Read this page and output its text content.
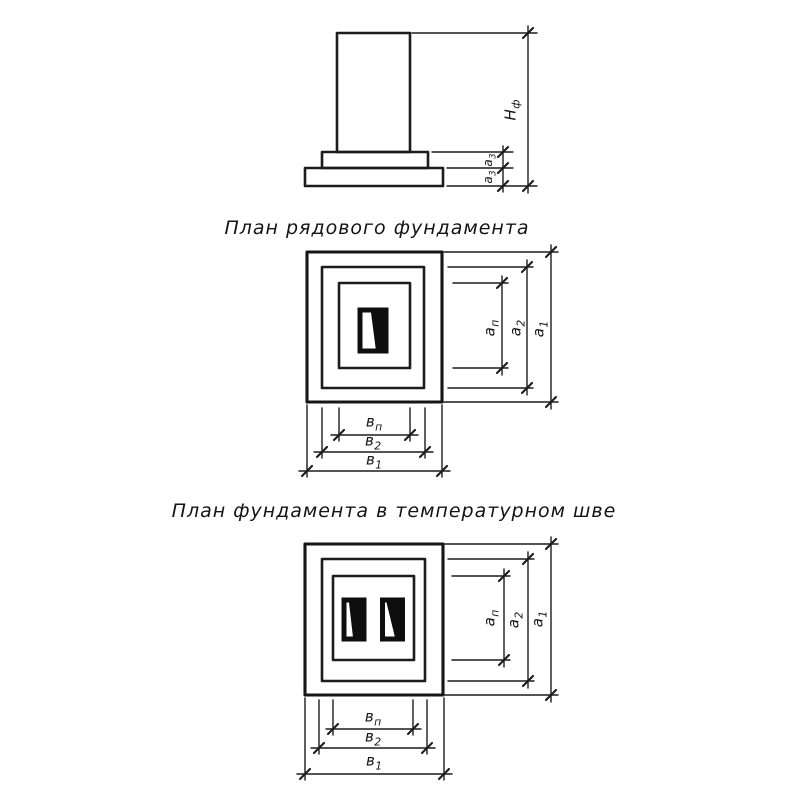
$а_3$
$а_3$
$Н_ф$
План рядового фундамента
$в_п$
$в_2$
$в_1$
$а_п$
$а_2$
$а_1$
План фундамента в температурном шве
$в_п$
$в_2$
$в_1$
$а_п$
$а_2$
$а_1$
